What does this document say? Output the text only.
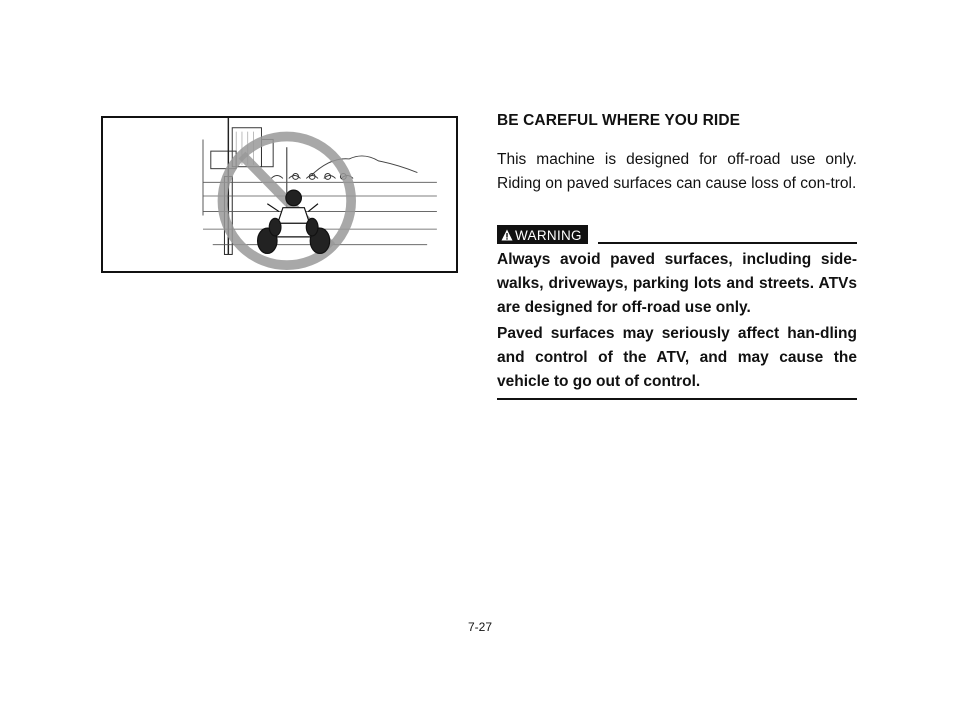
BE CAREFUL WHERE YOU RIDE

This machine is designed for off-road use only. Riding on paved surfaces can cause loss of con-trol.

WARNING

Always avoid paved surfaces, including side-walks, driveways, parking lots and streets. ATVs are designed for off-road use only.

Paved surfaces may seriously affect han-dling and control of the ATV, and may cause the vehicle to go out of control.

7-27
